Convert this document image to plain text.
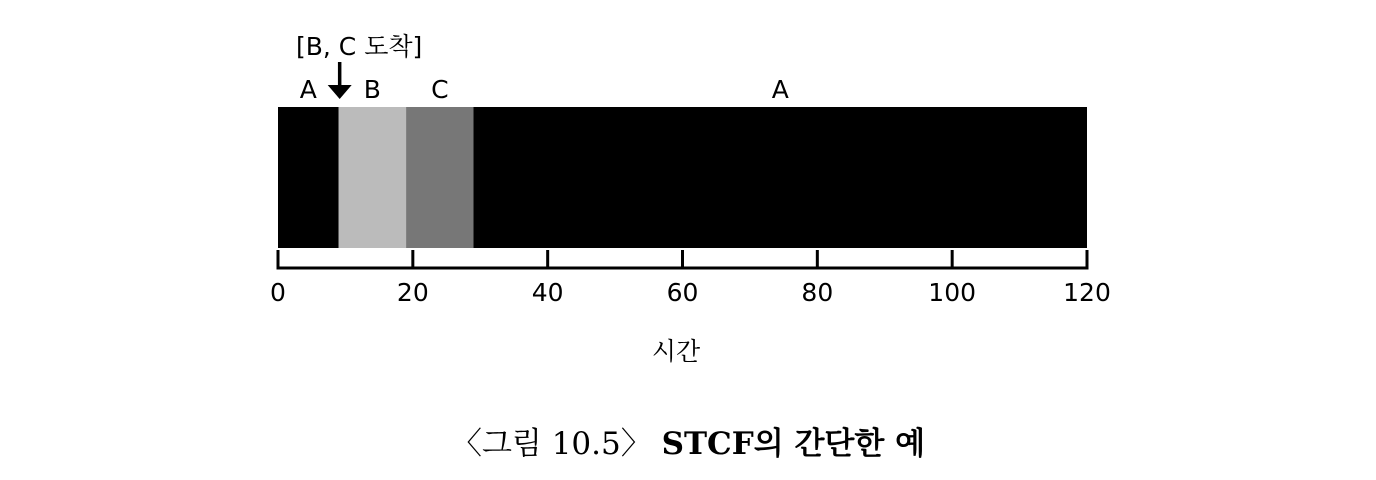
A B C	A
0	20	40	60	80	100	120
[B, C 도착]
시간
〈그림 10.5〉 STCF의 간단한 예
